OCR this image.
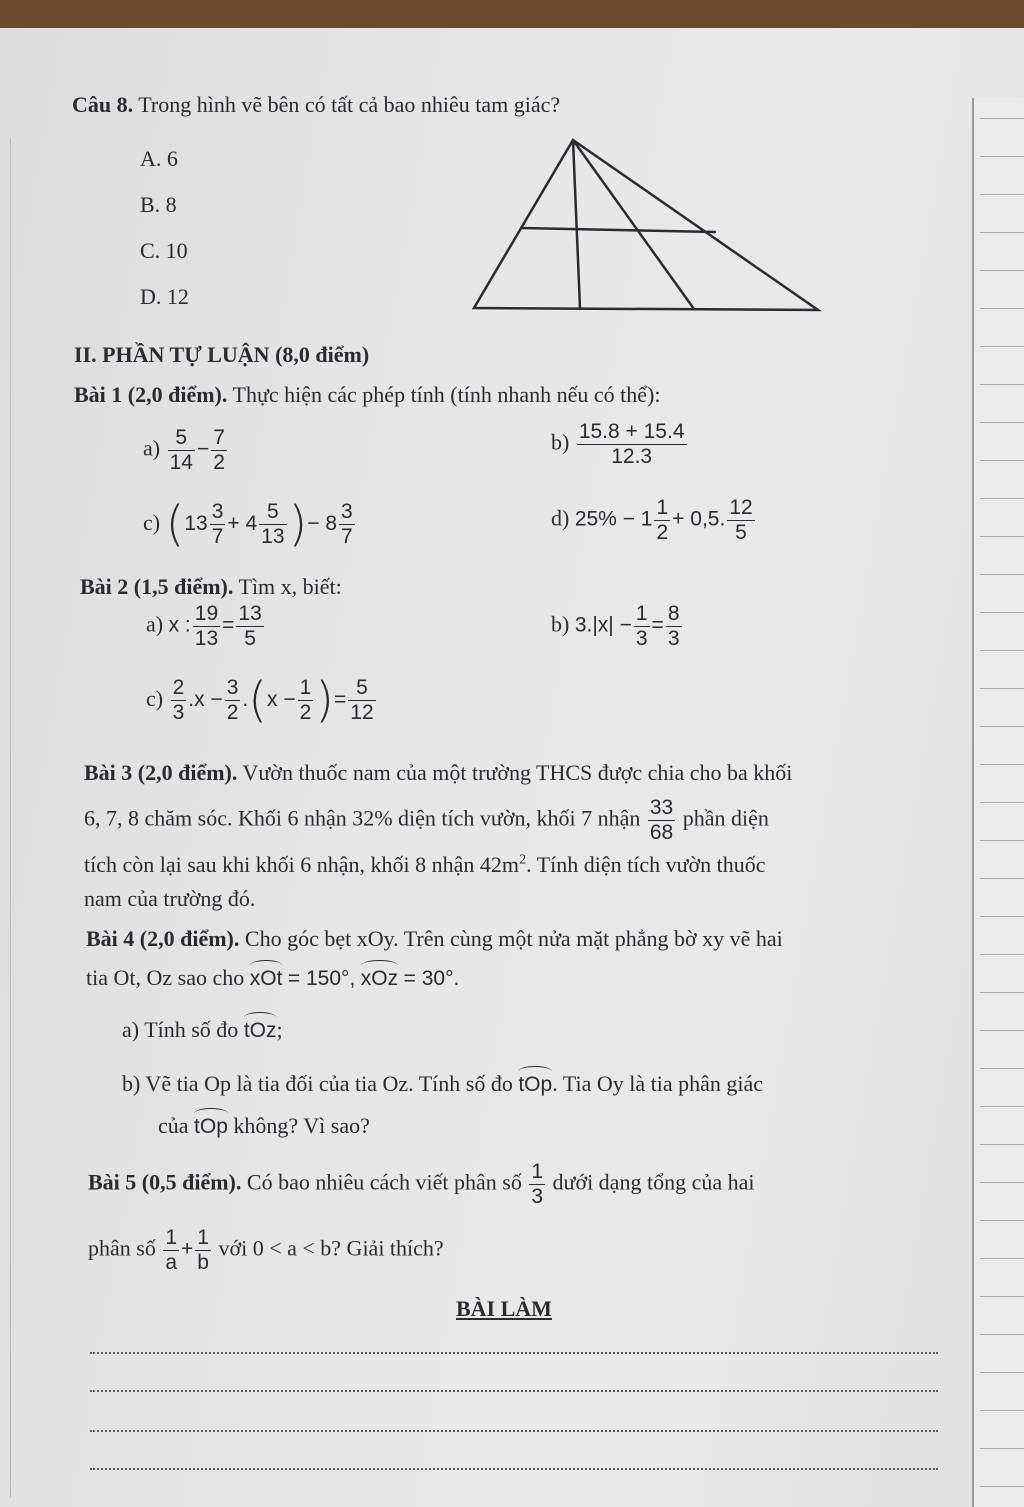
Câu 8. Trong hình vẽ bên có tất cả bao nhiêu tam giác?
A. 6
B. 8
C. 10
D. 12
II. PHẦN TỰ LUẬN (8,0 điểm)
Bài 1 (2,0 điểm). Thực hiện các phép tính (tính nhanh nếu có thể):
$a) \frac{5}{14} - \frac{7}{2}$	$b) \frac{15.8 + 15.4}{12.3}$
c) ($13 \frac{3}{7} + 4 \frac{5}{13}$ )− $8 \frac{3}{7}$	d) $25\% - 1 \frac{1}{2} + 0,5$. $\frac{12}{5}$
Bài 2 (1,5 điểm). Tìm x, biết:
a) x : $\frac{19}{13} = \frac{13}{5}$	b) $3.|x| - \frac{1}{3} = \frac{8}{3}$
$c) \frac{2}{3} .x - \frac{3}{2} .(x - \frac{1}{2}$ )= $\frac{5}{12}$
Bài 3 (2,0 điểm). Vườn thuốc nam của một trường THCS được chia cho ba khối
6, 7, 8 chăm sóc. Khối 6 nhận 32% diện tích vườn, khối 7 nhận $\frac{33}{68}$ phần diện
tích còn lại sau khi khối 6 nhận, khối 8 nhận $42m^2$. Tính diện tích vườn thuốc
nam của trường đó.
Bài 4 (2,0 điểm). Cho góc bẹt xOy. Trên cùng một nửa mặt phẳng bờ xy vẽ hai
tia Ot, Oz sao cho xOt = 150°, xOz = 30°.
a) Tính số đo tOz;
b) Vẽ tia Op là tia đối của tia Oz. Tính số đo tOp. Tia Oy là tia phân giác
của tOp không? Vì sao?
Bài 5 (0,5 điểm). Có bao nhiêu cách viết phân số $\frac{1}{3}$ dưới dạng tổng của hai
phân số $\frac{1}{a} + \frac{1}{b}$ với 0 < a < b? Giải thích?
BÀI LÀM
